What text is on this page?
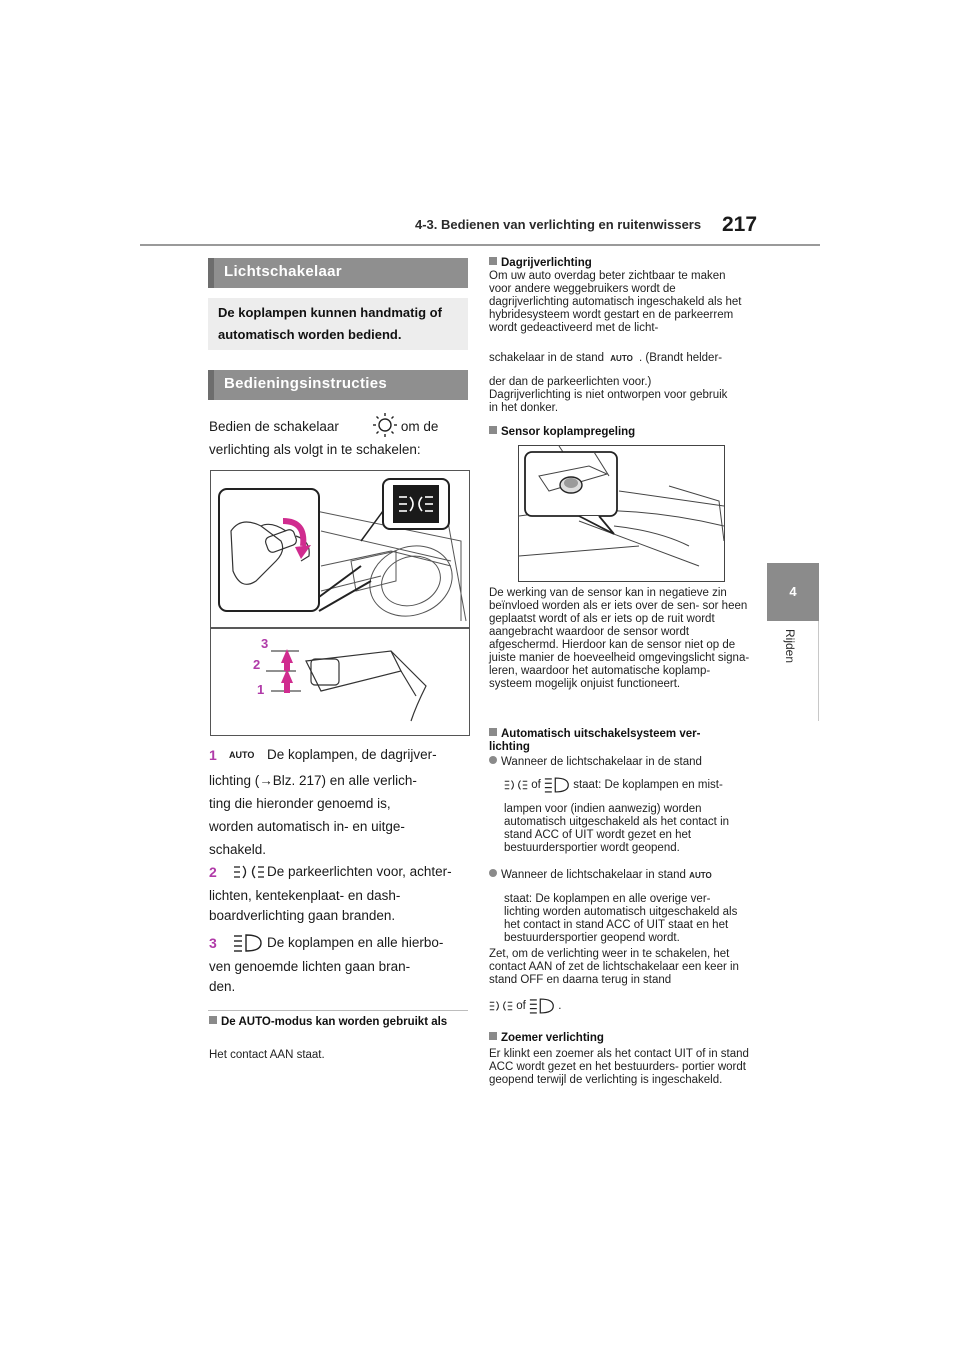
4-3. Bedienen van verlichting en ruitenwissers 217
4
Rijden
Lichtschakelaar
De koplampen kunnen handmatig of automatisch worden bediend.
Bedieningsinstructies
Bedien de schakelaar	om de
verlichting als volgt in te schakelen:
3
2
1
1 AUTO De koplampen, de dagrijver-
lichting (→Blz. 217) en alle verlich-
ting die hieronder genoemd is,
worden automatisch in- en uitge-
schakeld.
2	De parkeerlichten voor, achter-
lichten, kentekenplaat- en dash-
boardverlichting gaan branden.
3	De koplampen en alle hierbo-
ven genoemde lichten gaan bran-
den.
De AUTO-modus kan worden gebruikt als
Het contact AAN staat.
Dagrijverlichting
Om uw auto overdag beter zichtbaar te maken voor andere weggebruikers wordt de dagrijverlichting automatisch ingeschakeld als het hybridesysteem wordt gestart en de parkeerrem wordt gedeactiveerd met de licht-
schakelaar in de stand AUTO . (Brandt helder-
der dan de parkeerlichten voor.) Dagrijverlichting is niet ontworpen voor gebruik in het donker.
Sensor koplampregeling
De werking van de sensor kan in negatieve zin beïnvloed worden als er iets over de sen- sor heen geplaatst wordt of als er iets op de ruit wordt aangebracht waardoor de sensor wordt afgeschermd. Hierdoor kan de sensor niet op de juiste manier de hoeveelheid omgevingslicht signa- leren, waardoor het automatische koplamp- systeem mogelijk onjuist functioneert.
Automatisch uitschakelsysteem ver- lichting
Wanneer de lichtschakelaar in de stand
of	staat: De koplampen en mist-
lampen voor (indien aanwezig) worden automatisch uitgeschakeld als het contact in stand ACC of UIT wordt gezet en het bestuurdersportier wordt geopend.
Wanneer de lichtschakelaar in stand AUTO
staat: De koplampen en alle overige ver- lichting worden automatisch uitgeschakeld als het contact in stand ACC of UIT staat en het bestuurdersportier geopend wordt.
Zet, om de verlichting weer in te schakelen, het contact AAN of zet de lichtschakelaar een keer in stand OFF en daarna terug in stand
of	.
Zoemer verlichting
Er klinkt een zoemer als het contact UIT of in stand ACC wordt gezet en het bestuurders- portier wordt geopend terwijl de verlichting is ingeschakeld.
